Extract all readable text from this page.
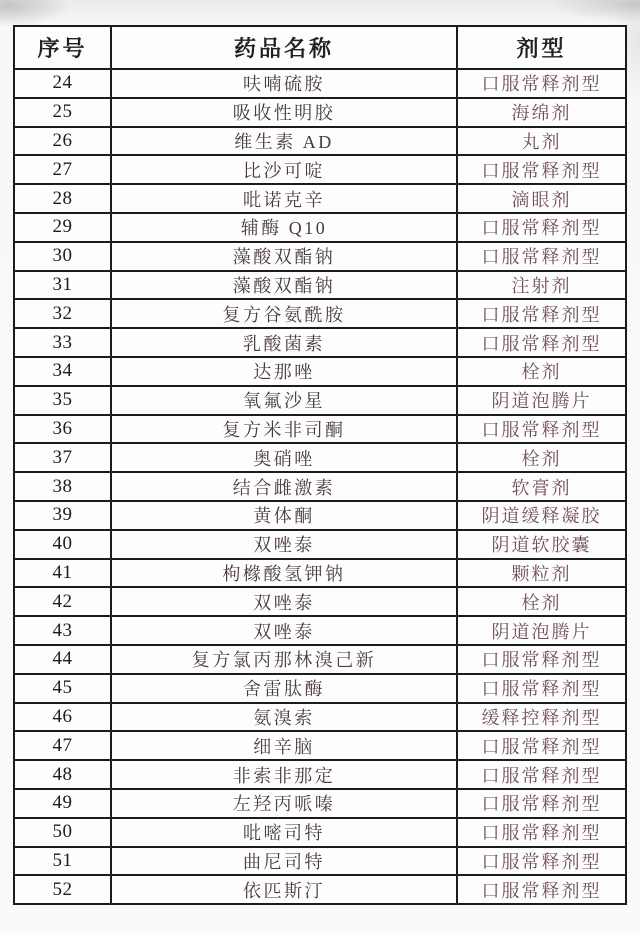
序号	药品名称	剂型
24	呋喃硫胺	口服常释剂型
25	吸收性明胶	海绵剂
26	维生素 AD	丸剂
27	比沙可啶	口服常释剂型
28	吡诺克辛	滴眼剂
29	辅酶 Q10	口服常释剂型
30	藻酸双酯钠	口服常释剂型
31	藻酸双酯钠	注射剂
32	复方谷氨酰胺	口服常释剂型
33	乳酸菌素	口服常释剂型
34	达那唑	栓剂
35	氧氟沙星	阴道泡腾片
36	复方米非司酮	口服常释剂型
37	奥硝唑	栓剂
38	结合雌激素	软膏剂
39	黄体酮	阴道缓释凝胶
40	双唑泰	阴道软胶囊
41	枸橼酸氢钾钠	颗粒剂
42	双唑泰	栓剂
43	双唑泰	阴道泡腾片
44	复方氯丙那林溴己新	口服常释剂型
45	舍雷肽酶	口服常释剂型
46	氨溴索	缓释控释剂型
47	细辛脑	口服常释剂型
48	非索非那定	口服常释剂型
49	左羟丙哌嗪	口服常释剂型
50	吡嘧司特	口服常释剂型
51	曲尼司特	口服常释剂型
52	依匹斯汀	口服常释剂型
